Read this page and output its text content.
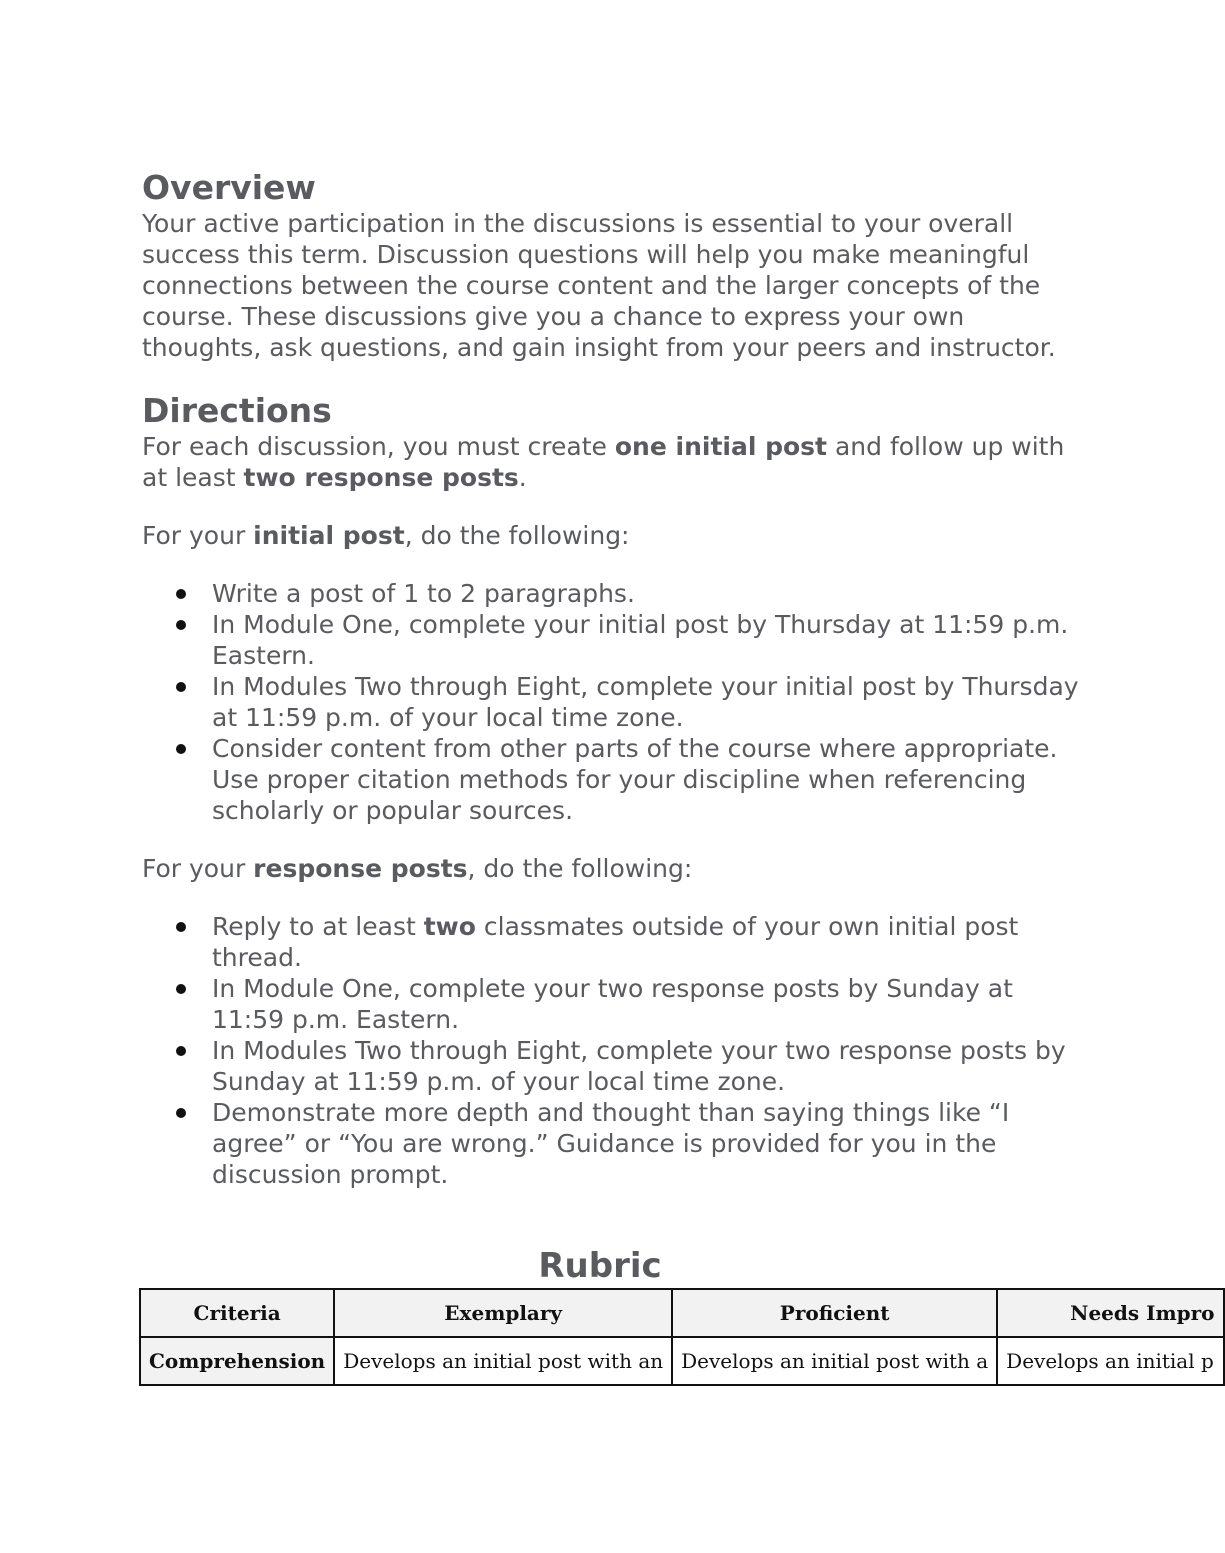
Overview

Your active participation in the discussions is essential to your overall success this term. Discussion questions will help you make meaningful connections between the course content and the larger concepts of the course. These discussions give you a chance to express your own thoughts, ask questions, and gain insight from your peers and instructor.

Directions

For each discussion, you must create one initial post and follow up with at least two response posts.

For your initial post, do the following:

Write a post of 1 to 2 paragraphs.
In Module One, complete your initial post by Thursday at 11:59 p.m. Eastern.
In Modules Two through Eight, complete your initial post by Thursday at 11:59 p.m. of your local time zone.
Consider content from other parts of the course where appropriate. Use proper citation methods for your discipline when referencing scholarly or popular sources.

For your response posts, do the following:

Reply to at least two classmates outside of your own initial post thread.
In Module One, complete your two response posts by Sunday at 11:59 p.m. Eastern.
In Modules Two through Eight, complete your two response posts by Sunday at 11:59 p.m. of your local time zone.
Demonstrate more depth and thought than saying things like “I agree” or “You are wrong.” Guidance is provided for you in the discussion prompt.
Rubric
Criteria	Exemplary	Proficient	Needs Impro
Comprehension	Develops an initial post with an	Develops an initial post with a	Develops an initial p
